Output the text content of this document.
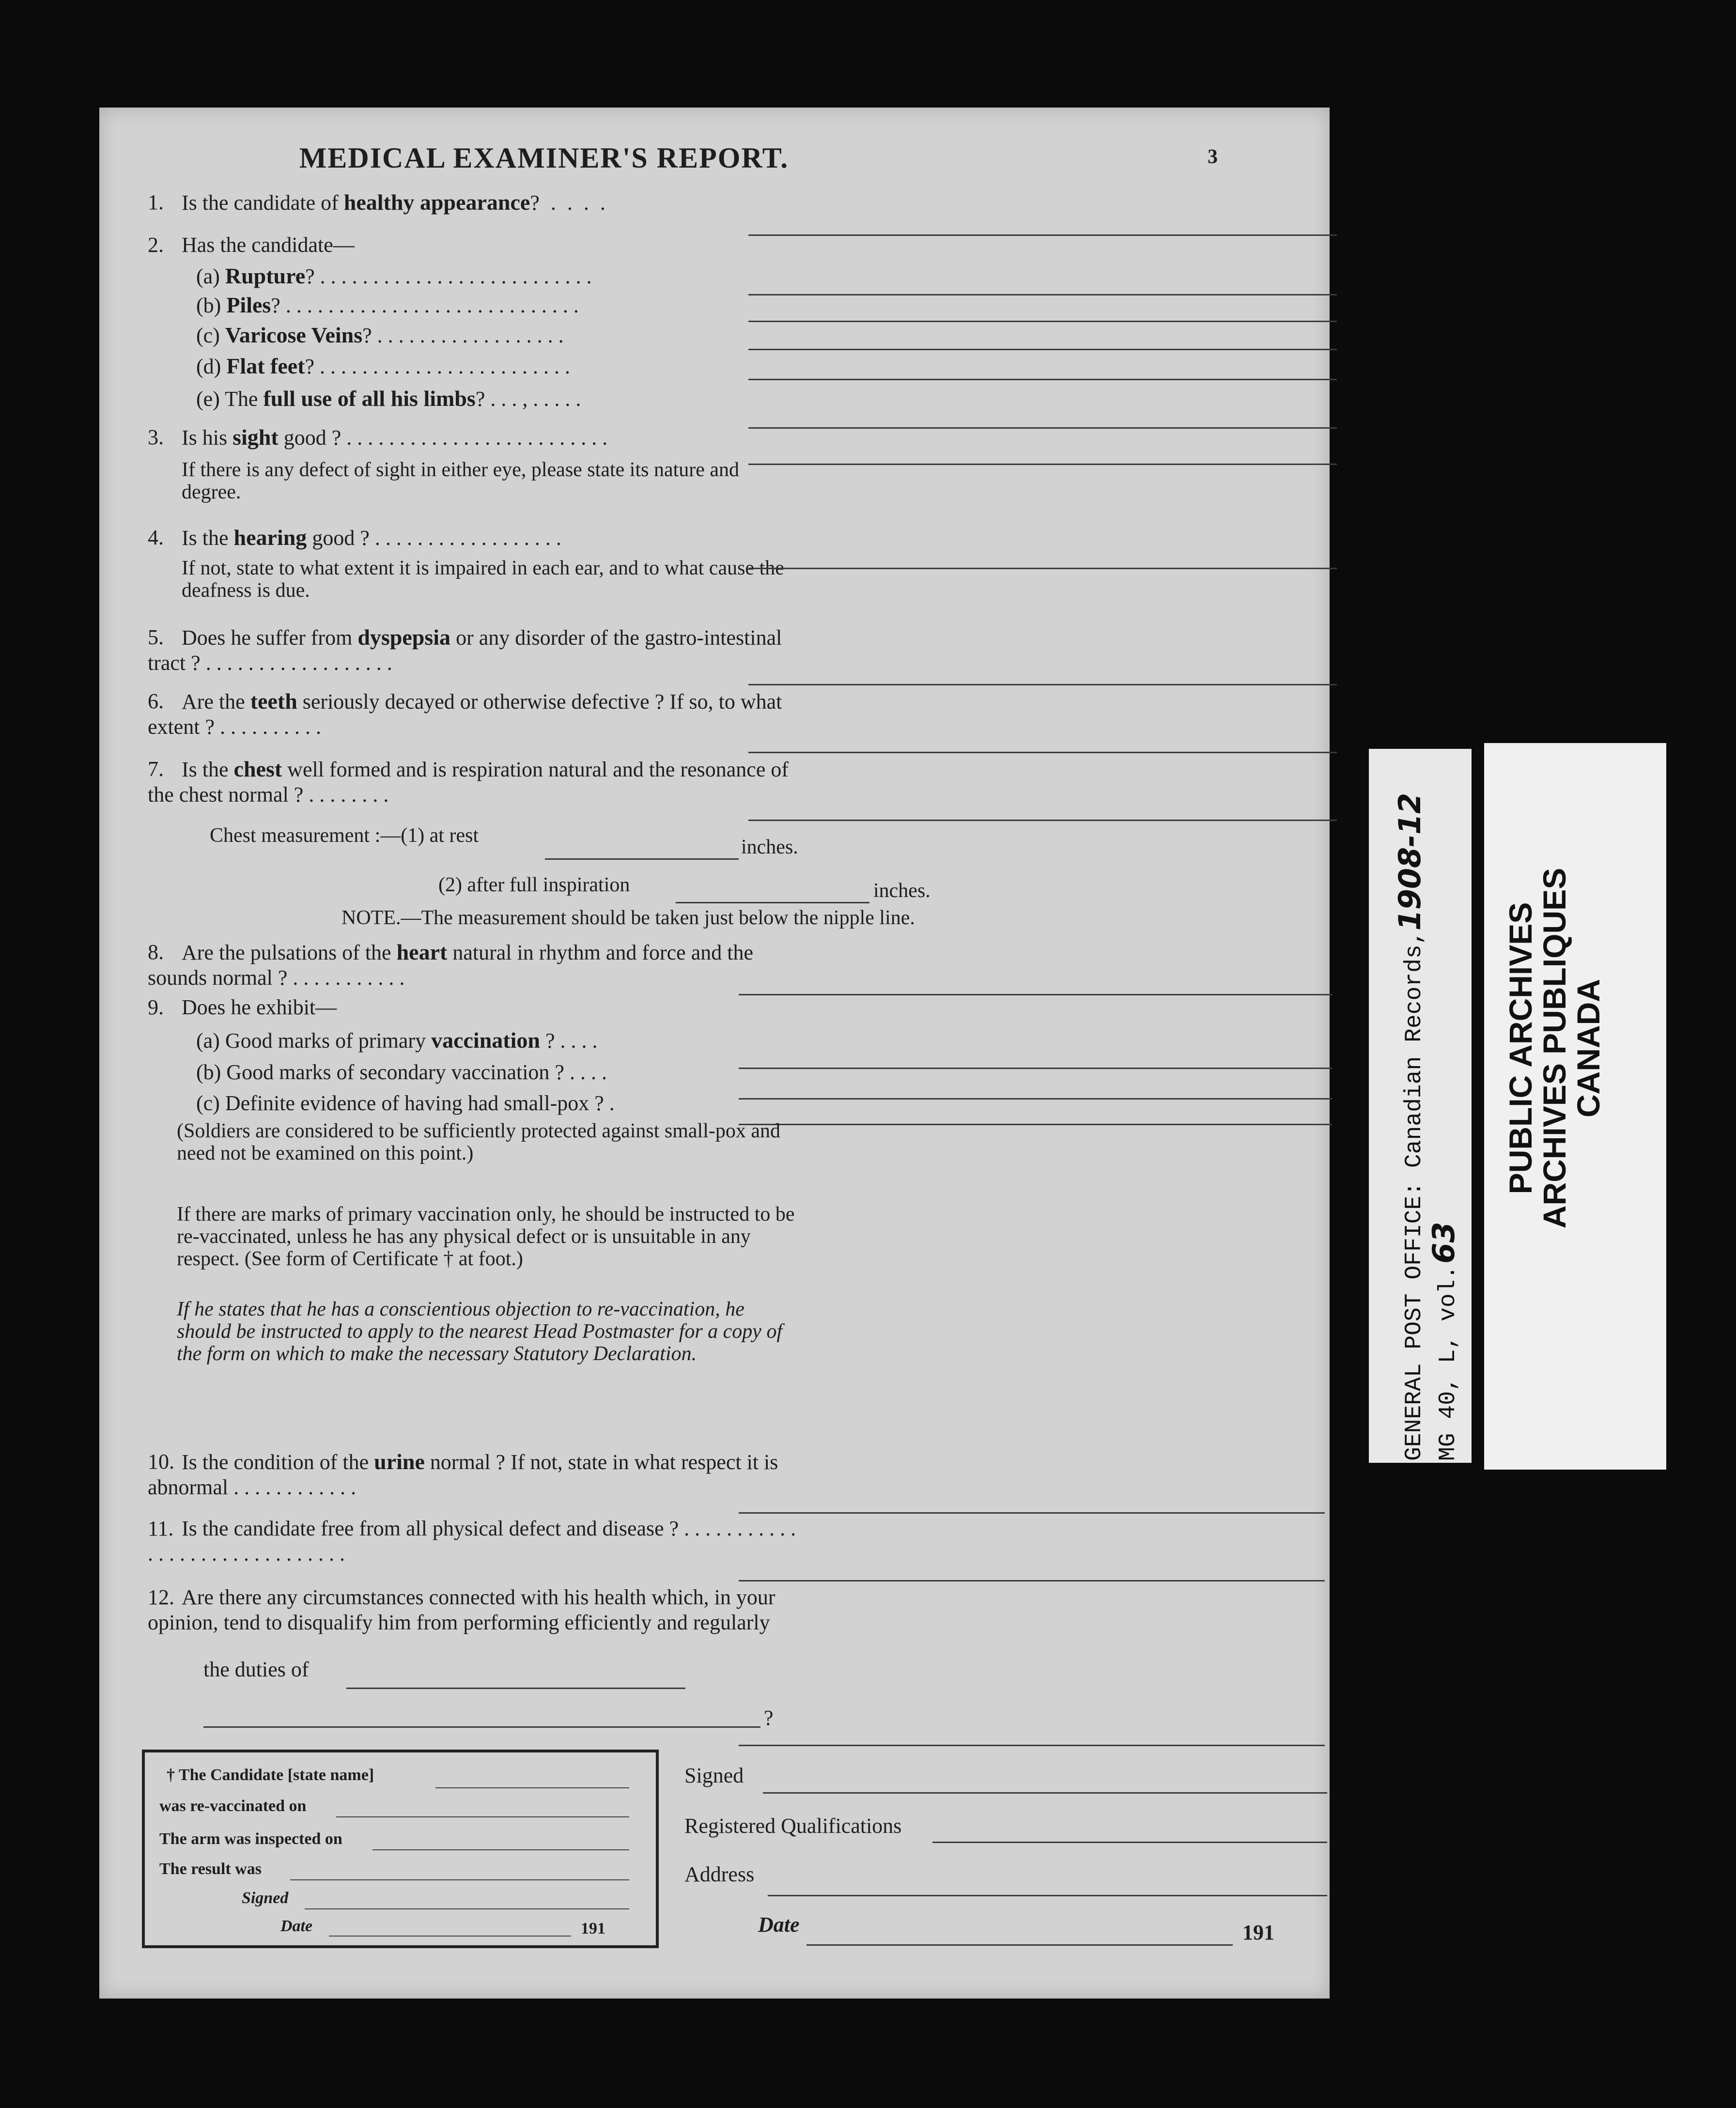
MEDICAL EXAMINER'S REPORT.	3
1. Is the candidate of healthy appearance? . . . .
2. Has the candidate—
(a) Rupture? . . . . . . . . . . . . . . . . . . . . . . . . . .
(b) Piles? . . . . . . . . . . . . . . . . . . . . . . . . . . . .
(c) Varicose Veins? . . . . . . . . . . . . . . . . . .
(d) Flat feet? . . . . . . . . . . . . . . . . . . . . . . . .
(e) The full use of all his limbs? . . . , . . . . .
3. Is his sight good ? . . . . . . . . . . . . . . . . . . . . . . . . .
If there is any defect of sight in either eye, please state its nature and degree.
4. Is the hearing good ? . . . . . . . . . . . . . . . . . .
If not, state to what extent it is impaired in each ear, and to what cause the deafness is due.
5. Does he suffer from dyspepsia or any disorder of the gastro-intestinal tract ? . . . . . . . . . . . . . . . . . .
6. Are the teeth seriously decayed or otherwise defective ? If so, to what extent ? . . . . . . . . . .
7. Is the chest well formed and is respiration natural and the resonance of the chest normal ? . . . . . . . .
Chest measurement :—(1) at rest
inches.
(2) after full inspiration	inches.
NOTE.—The measurement should be taken just below the nipple line.
8. Are the pulsations of the heart natural in rhythm and force and the sounds normal ? . . . . . . . . . . .
9. Does he exhibit—
(a) Good marks of primary vaccination ? . . . .
(b) Good marks of secondary vaccination ? . . . .
(c) Definite evidence of having had small-pox ? .
(Soldiers are considered to be sufficiently protected against small-pox and need not be examined on this point.)
If there are marks of primary vaccination only, he should be instructed to be re-vaccinated, unless he has any physical defect or is unsuitable in any respect. (See form of Certificate † at foot.)
If he states that he has a conscientious objection to re-vaccination, he should be instructed to apply to the nearest Head Postmaster for a copy of the form on which to make the necessary Statutory Declaration.
10. Is the condition of the urine normal ? If not, state in what respect it is abnormal . . . . . . . . . . . .
11. Is the candidate free from all physical defect and disease ? . . . . . . . . . . . . . . . . . . . . . . . . . . . . . .
12. Are there any circumstances connected with his health which, in your opinion, tend to disqualify him from performing efficiently and regularly
the duties of
?
† The Candidate [state name]
was re-vaccinated on
The arm was inspected on
The result was
Signed
Date	191
Signed
Registered Qualifications
Address
Date	191
GENERAL POST OFFICE: Canadian Records,1908-12
MG 40, L, vol. 63
PUBLIC ARCHIVES
ARCHIVES PUBLIQUES
CANADA
